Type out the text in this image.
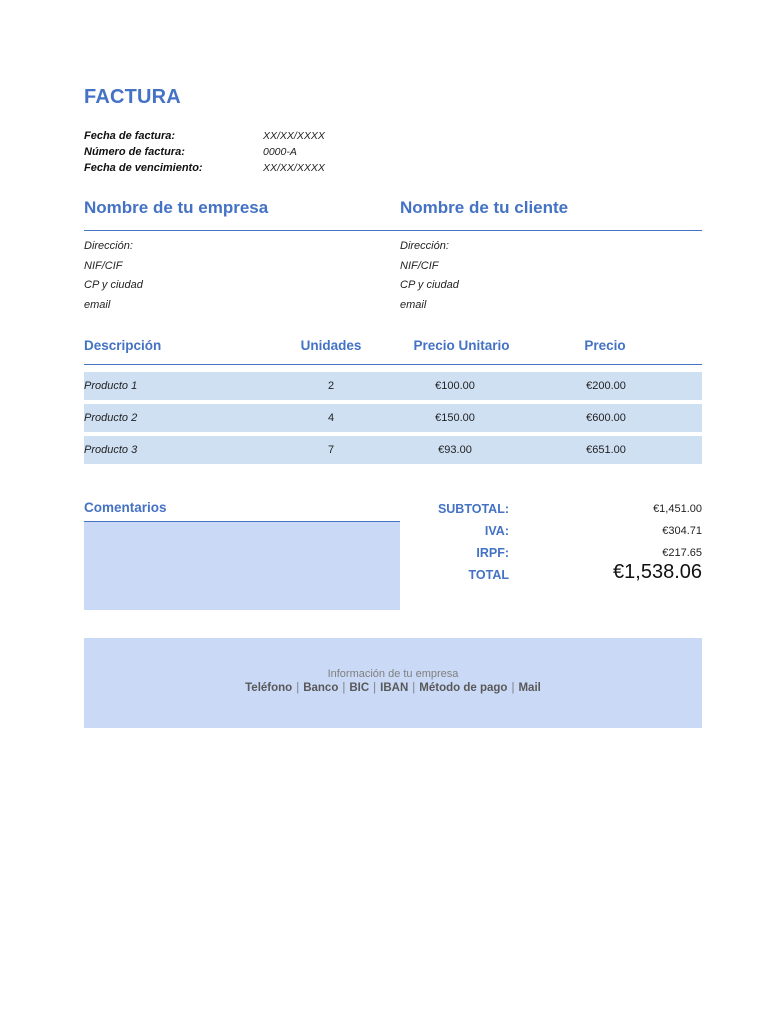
FACTURA
Fecha de factura:	XX/XX/XXXX
Número de factura:	0000-A
Fecha de vencimiento:	XX/XX/XXXX
Nombre de tu empresa	Nombre de tu cliente
Dirección:
NIF/CIF
CP y ciudad
email
Dirección:
NIF/CIF
CP y ciudad
email
Descripción	Unidades	Precio Unitario	Precio
Producto 1	2	€100.00	€200.00
Producto 2	4	€150.00	€600.00
Producto 3	7	€93.00	€651.00
Comentarios	SUBTOTAL:	€1,451.00
IVA:	€304.71
IRPF:	€217.65
TOTAL	€1,538.06
Información de tu empresa
Teléfono | Banco | BIC | IBAN | Método de pago | Mail
